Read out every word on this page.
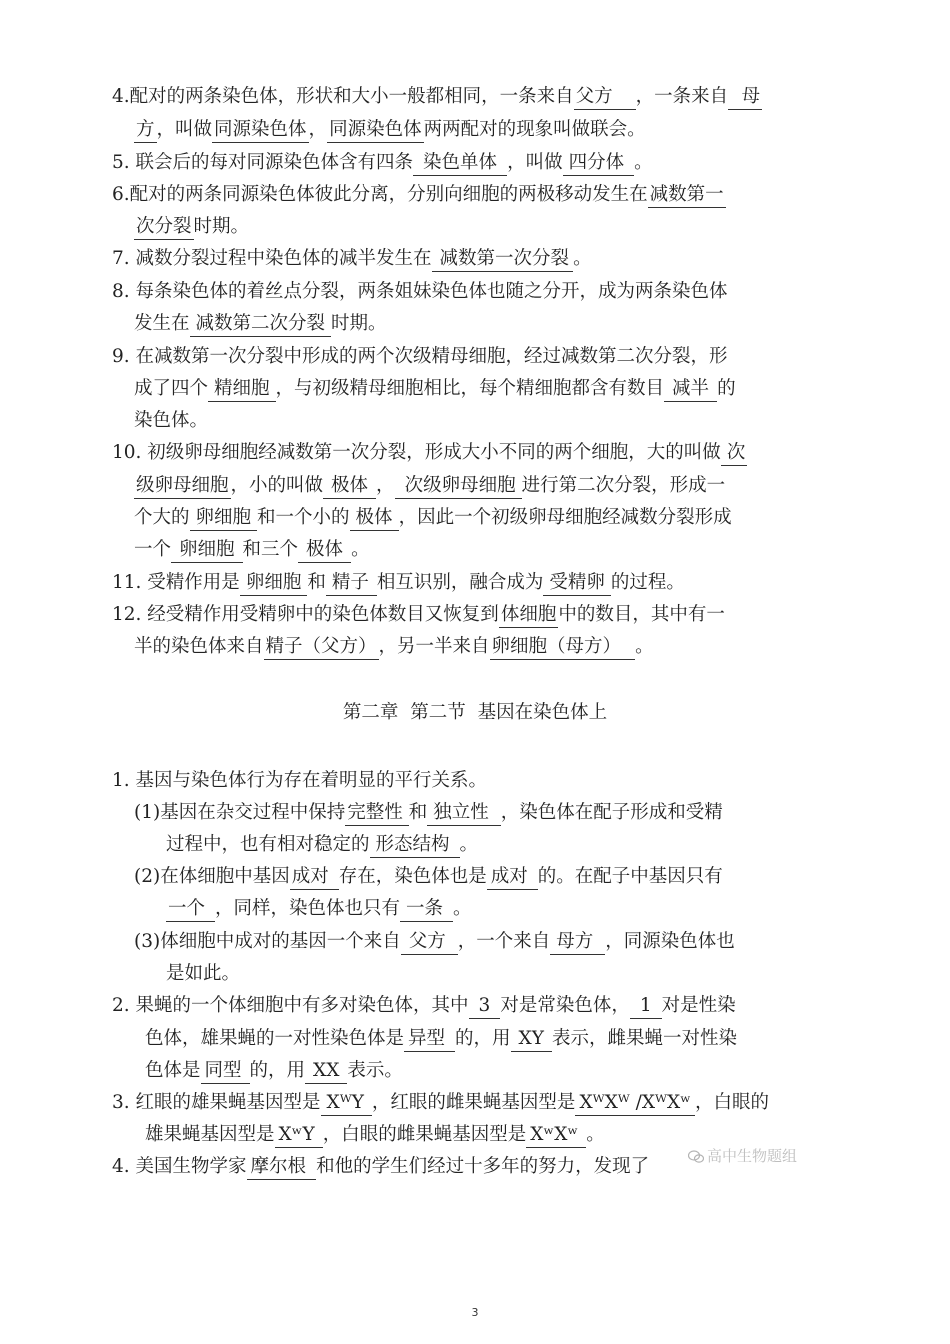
4.配对的两条染色体，形状和大小一般都相同，一条来自 父方 ，一条来自 母
方 ，叫做 同源染色体 ， 同源染色体 两两配对的现象叫做联会。
5. 联会后的每对同源染色体含有四条 染色单体 ，叫做 四分体 。
6.配对的两条同源染色体彼此分离，分别向细胞的两极移动发生在 减数第一
次分裂 时期。
7. 减数分裂过程中染色体的减半发生在 减数第一次分裂 。
8. 每条染色体的着丝点分裂，两条姐妹染色体也随之分开，成为两条染色体
发生在 减数第二次分裂 时期。
9. 在减数第一次分裂中形成的两个次级精母细胞，经过减数第二次分裂，形
成了四个 精细胞 ，与初级精母细胞相比，每个精细胞都含有数目 减半 的
染色体。
10. 初级卵母细胞经减数第一次分裂，形成大小不同的两个细胞，大的叫做 次
级卵母细胞 ，小的叫做 极体 ， 次级卵母细胞 进行第二次分裂，形成一
个大的 卵细胞 和一个小的 极体 ，因此一个初级卵母细胞经减数分裂形成
一个 卵细胞 和三个 极体 。
11. 受精作用是 卵细胞 和 精子 相互识别，融合成为 受精卵 的过程。
12. 经受精作用受精卵中的染色体数目又恢复到 体细胞 中的数目，其中有一
半的染色体来自 精子（父方） ，另一半来自 卵细胞（母方） 。
第二章 第二节 基因在染色体上
1. 基因与染色体行为存在着明显的平行关系。
(1)基因在杂交过程中保持 完整性 和 独立性 ，染色体在配子形成和受精
过程中，也有相对稳定的 形态结构 。
(2)在体细胞中基因 成对 存在，染色体也是 成对 的。在配子中基因只有
一个 ，同样，染色体也只有 一条 。
(3)体细胞中成对的基因一个来自 父方 ，一个来自 母方 ，同源染色体也
是如此。
2. 果蝇的一个体细胞中有多对染色体，其中 3 对是常染色体， 1 对是性染
色体，雄果蝇的一对性染色体是 异型 的，用 XY 表示，雌果蝇一对性染
色体是 同型 的，用 XX 表示。
3. 红眼的雄果蝇基因型是 XᵂY ，红眼的雌果蝇基因型是 XᵂXᵂ /XᵂXʷ ，白眼的
雄果蝇基因型是 XʷY ，白眼的雌果蝇基因型是 XʷXʷ 。
4. 美国生物学家 摩尔根 和他的学生们经过十多年的努力，发现了	高中生物题组
3
